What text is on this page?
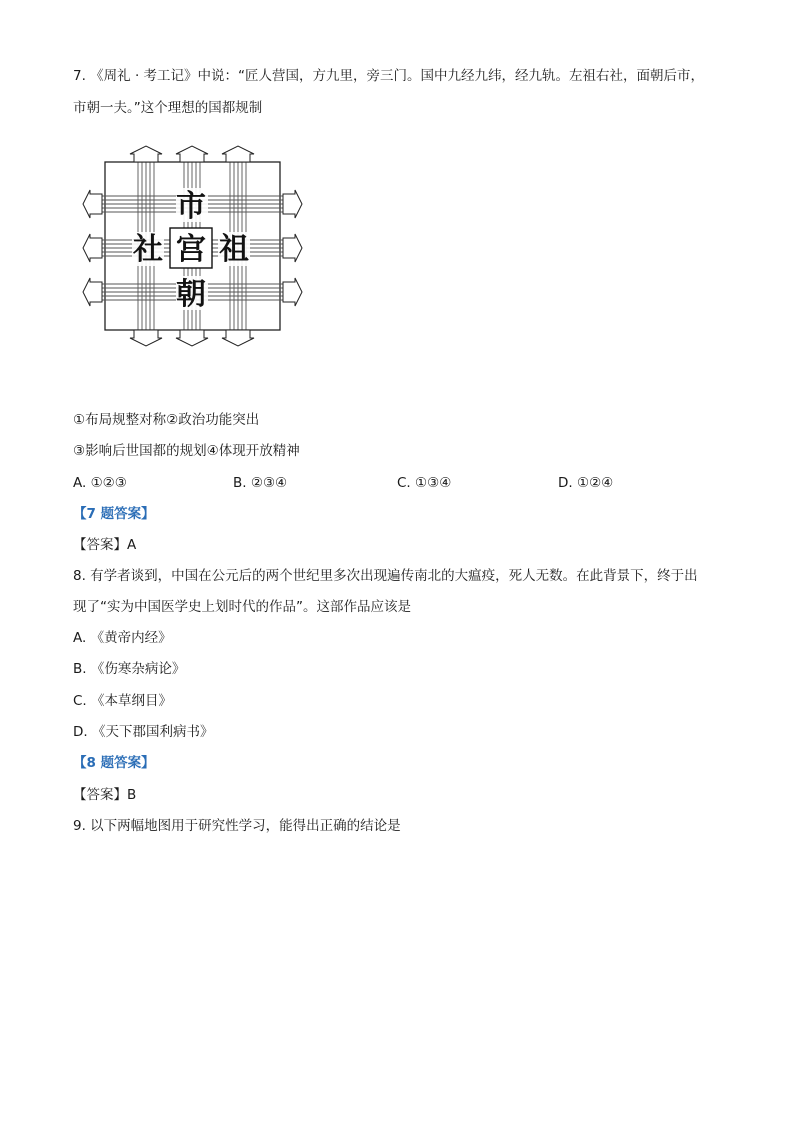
7. 《周礼 · 考工记》中说：“匠人营国，方九里，旁三门。国中九经九纬，经九轨。左祖右社，面朝后市，
市朝一夫。”这个理想的国都规制
宫
市
社 祖
朝
①布局规整对称②政治功能突出
③影响后世国都的规划④体现开放精神
A. ①②③	B. ②③④	C. ①③④	D. ①②④
【7 题答案】
【答案】A
8. 有学者谈到，中国在公元后的两个世纪里多次出现遍传南北的大瘟疫，死人无数。在此背景下，终于出
现了“实为中国医学史上划时代的作品”。这部作品应该是
A. 《黄帝内经》
B. 《伤寒杂病论》
C. 《本草纲目》
D. 《天下郡国利病书》
【8 题答案】
【答案】B
9. 以下两幅地图用于研究性学习，能得出正确的结论是
